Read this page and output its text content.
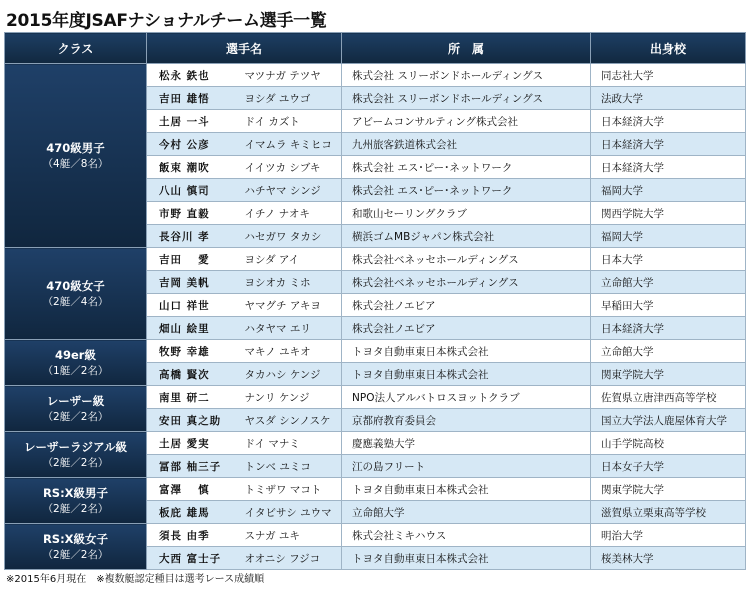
2015年度JSAFナショナルチーム選手一覧
クラス	選手名		所　属	出身校

470級男子
（4艇／8名）	松永 鉄也	マツナガ テツヤ	株式会社 スリーボンドホールディングス	同志社大学
	吉田 雄悟	ヨシダ ユウゴ	株式会社 スリーボンドホールディングス	法政大学
	土居 一斗	ドイ カズト	アビームコンサルティング株式会社	日本経済大学
	今村 公彦	イマムラ キミヒコ	九州旅客鉄道株式会社	日本経済大学
	飯束 潮吹	イイツカ シブキ	株式会社 エス･ピー･ネットワーク	日本経済大学
	八山 慎司	ハチヤマ シンジ	株式会社 エス･ピー･ネットワーク	福岡大学
	市野 直毅	イチノ ナオキ	和歌山セーリングクラブ	関西学院大学
	長谷川 孝	ハセガワ タカシ	横浜ゴムMBジャパン株式会社	福岡大学

470級女子
（2艇／4名）	吉田　 愛	ヨシダ アイ	株式会社ベネッセホールディングス	日本大学
	吉岡 美帆	ヨシオカ ミホ	株式会社ベネッセホールディングス	立命館大学
	山口 祥世	ヤマグチ アキヨ	株式会社ノエビア	早稲田大学
	畑山 絵里	ハタヤマ エリ	株式会社ノエビア	日本経済大学

49er級
（1艇／2名）	牧野 幸雄	マキノ ユキオ	トヨタ自動車東日本株式会社	立命館大学
	高橋 賢次	タカハシ ケンジ	トヨタ自動車東日本株式会社	関東学院大学

レーザー級
（2艇／2名）	南里 研二	ナンリ ケンジ	NPO法人アルバトロスヨットクラブ	佐賀県立唐津西高等学校
	安田 真之助	ヤスダ シンノスケ	京都府教育委員会	国立大学法人鹿屋体育大学

レーザーラジアル級
（2艇／2名）	土居 愛実	ドイ マナミ	慶應義塾大学	山手学院高校
	冨部 柚三子	トンベ ユミコ	江の島フリート	日本女子大学

RS:X級男子
（2艇／2名）	富澤　 慎	トミザワ マコト	トヨタ自動車東日本株式会社	関東学院大学
	板庇 雄馬	イタビサシ ユウマ	立命館大学	滋賀県立栗東高等学校

RS:X級女子
（2艇／2名）	須長 由季	スナガ ユキ	株式会社ミキハウス	明治大学
	大西 富士子	オオニシ フジコ	トヨタ自動車東日本株式会社	桜美林大学
※2015年6月現在　※複数艇認定種目は選考レース成績順
